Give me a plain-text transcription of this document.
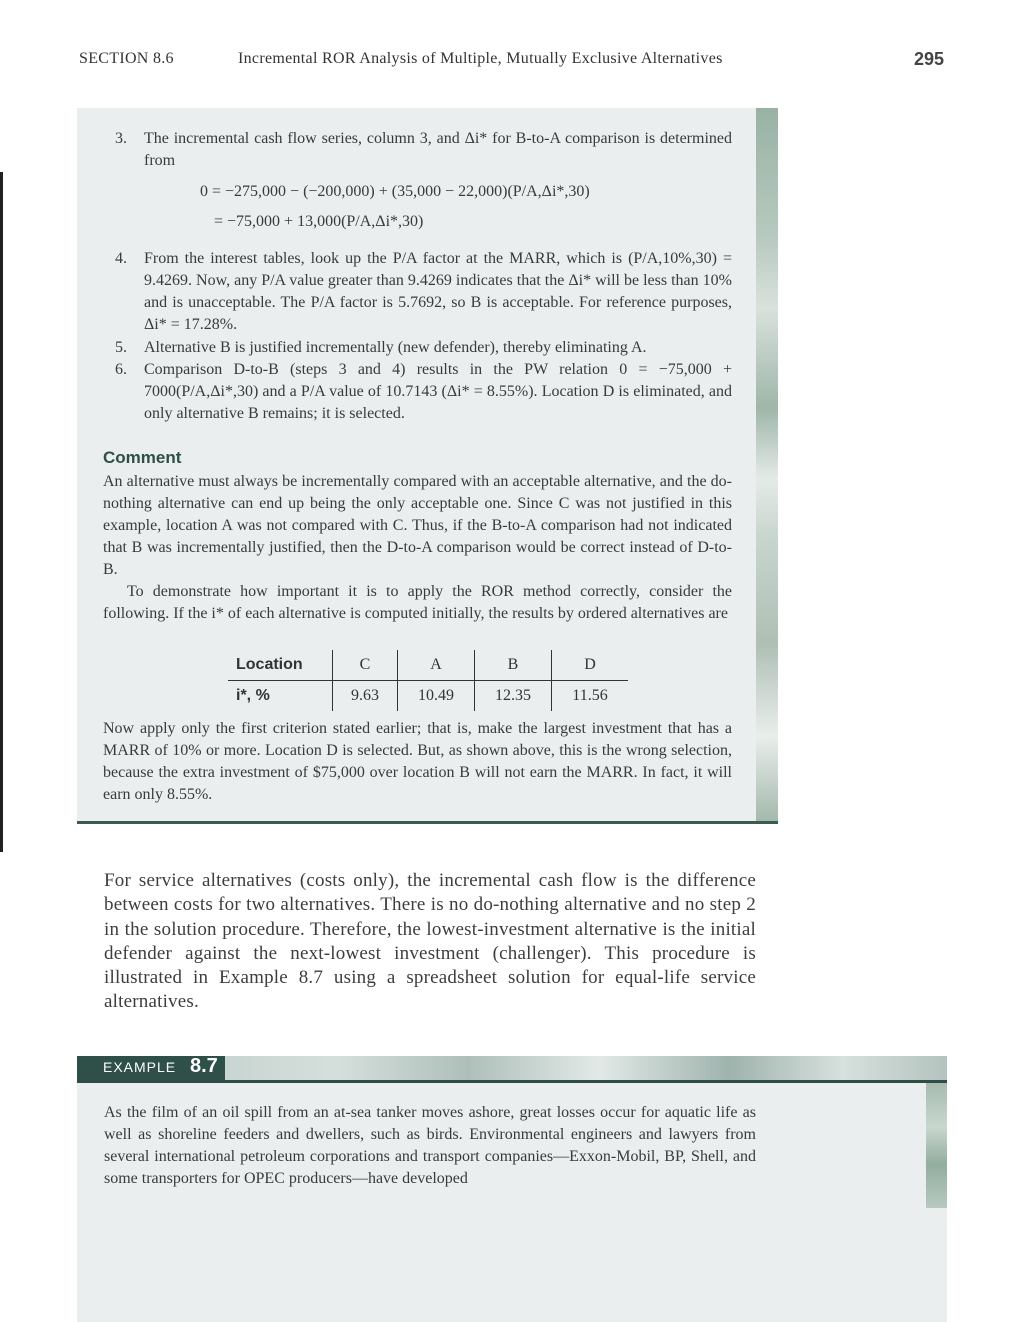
SECTION 8.6	Incremental ROR Analysis of Multiple, Mutually Exclusive Alternatives	295
3. The incremental cash flow series, column 3, and Δi* for B-to-A comparison is determined from
0 = −275,000 − (−200,000) + (35,000 − 22,000)(P/A,Δi*,30)
= −75,000 + 13,000(P/A,Δi*,30)
4. From the interest tables, look up the P/A factor at the MARR, which is (P/A,10%,30) = 9.4269. Now, any P/A value greater than 9.4269 indicates that the Δi* will be less than 10% and is unacceptable. The P/A factor is 5.7692, so B is acceptable. For reference purposes, Δi* = 17.28%.
5. Alternative B is justified incrementally (new defender), thereby eliminating A.
6. Comparison D-to-B (steps 3 and 4) results in the PW relation 0 = −75,000 + 7000(P/A,Δi*,30) and a P/A value of 10.7143 (Δi* = 8.55%). Location D is eliminated, and only alternative B remains; it is selected.
Comment
An alternative must always be incrementally compared with an acceptable alternative, and the do-nothing alternative can end up being the only acceptable one. Since C was not justified in this example, location A was not compared with C. Thus, if the B-to-A comparison had not indicated that B was incrementally justified, then the D-to-A comparison would be correct instead of D-to-B.
To demonstrate how important it is to apply the ROR method correctly, consider the following. If the i* of each alternative is computed initially, the results by ordered alternatives are
Location	C	A	B	D
i*, %	9.63	10.49	12.35	11.56
Now apply only the first criterion stated earlier; that is, make the largest investment that has a MARR of 10% or more. Location D is selected. But, as shown above, this is the wrong selection, because the extra investment of $75,000 over location B will not earn the MARR. In fact, it will earn only 8.55%.
For service alternatives (costs only), the incremental cash flow is the difference between costs for two alternatives. There is no do-nothing alternative and no step 2 in the solution procedure. Therefore, the lowest-investment alternative is the initial defender against the next-lowest investment (challenger). This procedure is illustrated in Example 8.7 using a spreadsheet solution for equal-life service alternatives.
EXAMPLE 8.7
As the film of an oil spill from an at-sea tanker moves ashore, great losses occur for aquatic life as well as shoreline feeders and dwellers, such as birds. Environmental engineers and lawyers from several international petroleum corporations and transport companies—Exxon-Mobil, BP, Shell, and some transporters for OPEC producers—have developed
